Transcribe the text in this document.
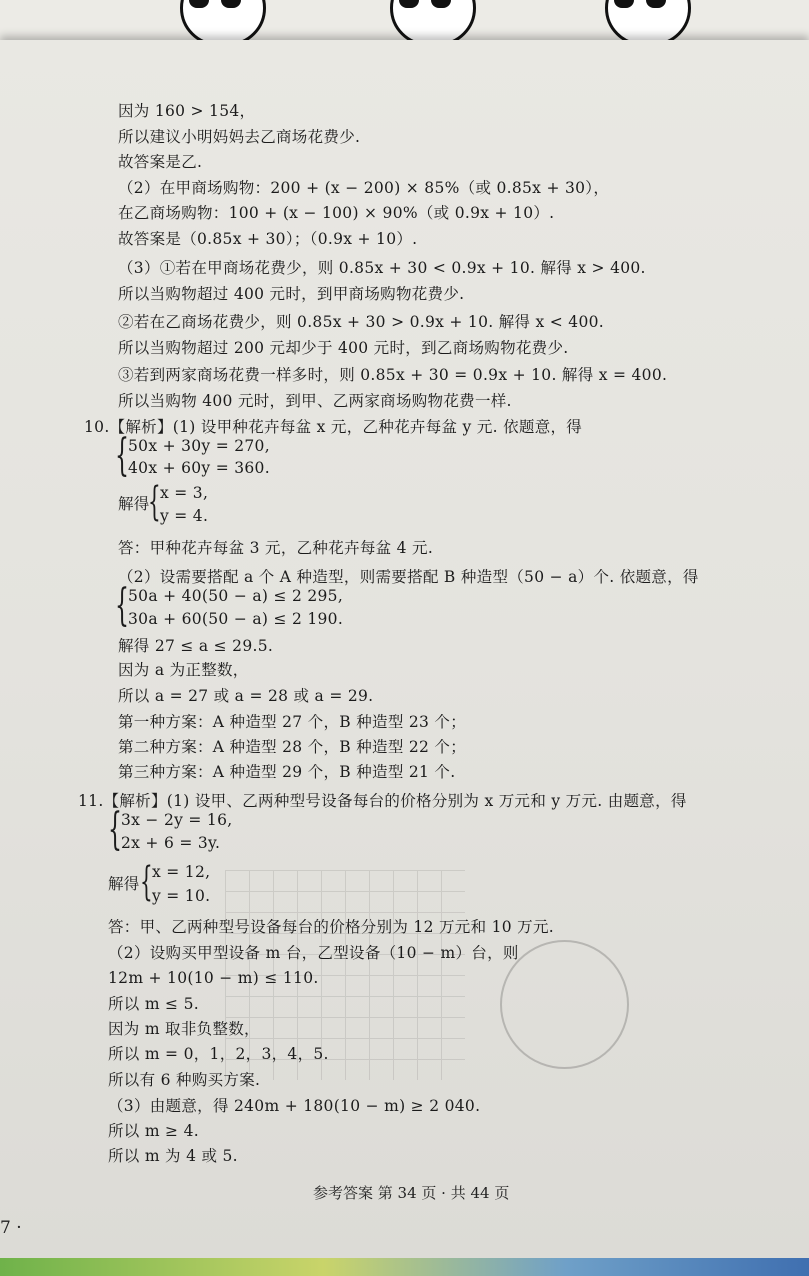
因为 160 > 154，
所以建议小明妈妈去乙商场花费少.
故答案是乙.
（2）在甲商场购物：200 + (x − 200) × 85%（或 0.85x + 30），
在乙商场购物：100 + (x − 100) × 90%（或 0.9x + 10）.
故答案是（0.85x + 30）；（0.9x + 10）.
（3）①若在甲商场花费少，则 0.85x + 30 < 0.9x + 10. 解得 x > 400.
所以当购物超过 400 元时，到甲商场购物花费少.
②若在乙商场花费少，则 0.85x + 30 > 0.9x + 10. 解得 x < 400.
所以当购物超过 200 元却少于 400 元时，到乙商场购物花费少.
③若到两家商场花费一样多时，则 0.85x + 30 = 0.9x + 10. 解得 x = 400.
所以当购物 400 元时，到甲、乙两家商场购物花费一样.
10.【解析】(1) 设甲种花卉每盆 x 元，乙种花卉每盆 y 元. 依题意，得
{ 50x + 30y = 270,
40x + 60y = 360.
解得
{ x = 3,
y = 4.
答：甲种花卉每盆 3 元，乙种花卉每盆 4 元.
（2）设需要搭配 a 个 A 种造型，则需要搭配 B 种造型（50 − a）个. 依题意，得
{ 50a + 40(50 − a) ≤ 2 295,
30a + 60(50 − a) ≤ 2 190.
解得 27 ≤ a ≤ 29.5.
因为 a 为正整数，
所以 a = 27 或 a = 28 或 a = 29.
第一种方案：A 种造型 27 个，B 种造型 23 个；
第二种方案：A 种造型 28 个，B 种造型 22 个；
第三种方案：A 种造型 29 个，B 种造型 21 个.
11.【解析】(1) 设甲、乙两种型号设备每台的价格分别为 x 万元和 y 万元. 由题意，得
{ 3x − 2y = 16,
2x + 6 = 3y.
解得 { x = 12,
y = 10.
答：甲、乙两种型号设备每台的价格分别为 12 万元和 10 万元.
（2）设购买甲型设备 m 台，乙型设备（10 − m）台，则
12m + 10(10 − m) ≤ 110.
所以 m ≤ 5.
因为 m 取非负整数，
所以 m = 0，1，2，3，4，5.
所以有 6 种购买方案.
（3）由题意，得 240m + 180(10 − m) ≥ 2 040.
所以 m ≥ 4.
所以 m 为 4 或 5.
参考答案 第 34 页 · 共 44 页
7 ·
